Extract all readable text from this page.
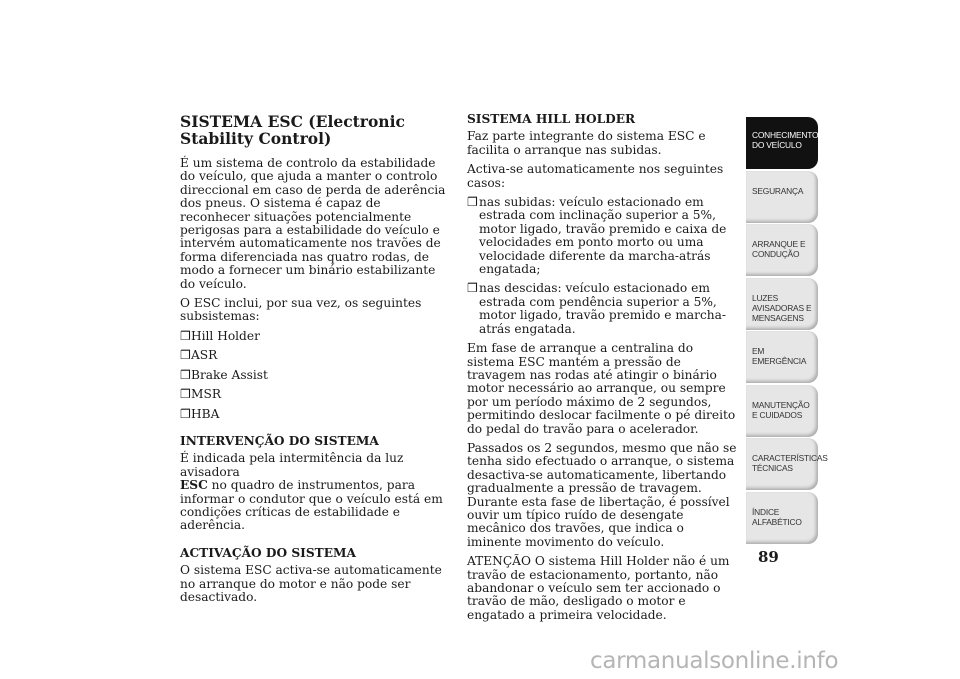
SISTEMA ESC (Electronic Stability Control)

É um sistema de controlo da estabilidade do veículo, que ajuda a manter o controlo direccional em caso de perda de aderência dos pneus. O sistema é capaz de reconhecer situações potencialmente perigosas para a estabilidade do veículo e intervém automaticamente nos travões de forma diferenciada nas quatro rodas, de modo a fornecer um binário estabilizante do veículo.

O ESC inclui, por sua vez, os seguintes subsistemas:

❒ Hill Holder
❒ ASR
❒ Brake Assist
❒ MSR
❒ HBA
INTERVENÇÃO DO SISTEMA

É indicada pela intermitência da luz avisadora
ESC no quadro de instrumentos, para informar o condutor que o veículo está em condições críticas de estabilidade e aderência.

ACTIVAÇÃO DO SISTEMA

O sistema ESC activa-se automaticamente no arranque do motor e não pode ser desactivado.

SISTEMA HILL HOLDER

Faz parte integrante do sistema ESC e facilita o arranque nas subidas.

Activa-se automaticamente nos seguintes casos:

❒ nas subidas: veículo estacionado em estrada com inclinação superior a 5%, motor ligado, travão premido e caixa de velocidades em ponto morto ou uma velocidade diferente da marcha-atrás engatada;
❒ nas descidas: veículo estacionado em estrada com pendência superior a 5%, motor ligado, travão premido e marcha-atrás engatada.

Em fase de arranque a centralina do sistema ESC mantém a pressão de travagem nas rodas até atingir o binário motor necessário ao arranque, ou sempre por um período máximo de 2 segundos, permitindo deslocar facilmente o pé direito do pedal do travão para o acelerador.

Passados os 2 segundos, mesmo que não se tenha sido efectuado o arranque, o sistema desactiva-se automaticamente, libertando gradualmente a pressão de travagem. Durante esta fase de libertação, é possível ouvir um típico ruído de desengate mecânico dos travões, que indica o iminente movimento do veículo.

ATENÇÃO O sistema Hill Holder não é um travão de estacionamento, portanto, não abandonar o veículo sem ter accionado o travão de mão, desligado o motor e engatado a primeira velocidade.

CONHECIMENTO DO VEÍCULO
SEGURANÇA
ARRANQUE E CONDUÇÃO
LUZES AVISADORAS E MENSAGENS
EM EMERGÊNCIA
MANUTENÇÃO E CUIDADOS
CARACTERÍSTICAS TÉCNICAS
ÍNDICE ALFABÉTICO
89
carmanualsonline.info
